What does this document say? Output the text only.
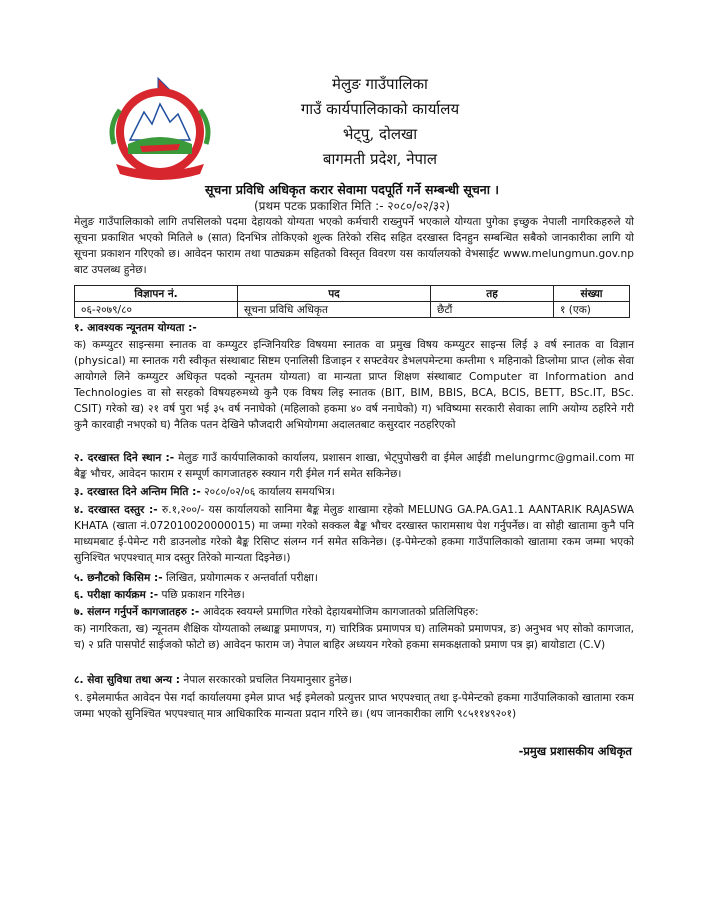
मेलुङ गाउँपालिका
गाउँ कार्यपालिकाको कार्यालय
भेट्पु, दोलखा
बागमती प्रदेश, नेपाल
सूचना प्रविधि अधिकृत करार सेवामा पदपूर्ति गर्ने सम्बन्धी सूचना ।
(प्रथम पटक प्रकाशित मिति :- २०८०/०२/३२)

मेलुङ गाउँपालिकाको लागि तपसिलको पदमा देहायको योग्यता भएको कर्मचारी राख्नुपर्ने भएकाले योग्यता पुगेका इच्छुक नेपाली नागरिकहरुले यो सूचना प्रकाशित भएको मितिले ७ (सात) दिनभित्र तोकिएको शुल्क तिरेको रसिद सहित दरखास्त दिनहुन सम्बन्धित सबैको जानकारीका लागि यो सूचना प्रकाशन गरिएको छ। आवेदन फाराम तथा पाठ्यक्रम सहितको विस्तृत विवरण यस कार्यालयको वेभसाईट www.melungmun.gov.np बाट उपलब्ध हुनेछ।

विज्ञापन नं.	पद	तह	संख्या
०६-२०७९/८०	सूचना प्रविधि अधिकृत	छैटौं	१ (एक)
१. आवश्यक न्यूनतम योग्यता :-

क) कम्प्युटर साइन्समा स्नातक वा कम्प्युटर इन्जिनियरिङ विषयमा स्नातक वा प्रमुख विषय कम्प्युटर साइन्स लिई ३ वर्ष स्नातक वा विज्ञान (physical) मा स्नातक गरी स्वीकृत संस्थाबाट सिष्टम एनालिसी डिजाइन र सफ्टवेयर डेभलपमेन्टमा कम्तीमा ९ महिनाको डिप्लोमा प्राप्त (लोक सेवा आयोगले लिने कम्प्युटर अधिकृत पदको न्यूनतम योग्यता) वा मान्यता प्राप्त शिक्षण संस्थाबाट Computer वा Information and Technologies वा सो सरहको विषयहरुमध्ये कुनै एक विषय लिइ स्नातक (BIT, BIM, BBIS, BCA, BCIS, BETT, BSc.IT, BSc. CSIT) गरेको ख) २१ वर्ष पुरा भई ३५ वर्ष ननाघेको (महिलाको हकमा ४० वर्ष ननाघेको) ग) भविष्यमा सरकारी सेवाका लागि अयोग्य ठहरिने गरी कुनै कारवाही नभएको घ) नैतिक पतन देखिने फौजदारी अभियोगमा अदालतबाट कसुरदार नठहरिएको

२. दरखास्त दिने स्थान :- मेलुङ गाउँ कार्यपालिकाको कार्यालय, प्रशासन शाखा, भेट्पुपोखरी वा ईमेल आईडी melungrmc@gmail.com मा बैङ्क भौचर, आवेदन फाराम र सम्पूर्ण कागजातहरु स्क्यान गरी ईमेल गर्न समेत सकिनेछ।
३. दरखास्त दिने अन्तिम मिति :- २०८०/०२/०६ कार्यालय समयभित्र।
४. दरखास्त दस्तुर :- रु.१,२००/- यस कार्यालयको सानिमा बैङ्क मेलुङ शाखामा रहेको MELUNG GA.PA.GA1.1 AANTARIK RAJASWA KHATA (खाता नं.072010020000015) मा जम्मा गरेको सक्कल बैङ्क भौचर दरखास्त फारामसाथ पेश गर्नुपर्नेछ। वा सोही खातामा कुनै पनि माध्यमबाट ई-पेमेन्ट गरी डाउनलोड गरेको बैङ्क रिसिप्ट संलग्न गर्न समेत सकिनेछ। (इ-पेमेन्टको हकमा गाउँपालिकाको खातामा रकम जम्मा भएको सुनिश्चित भएपश्चात् मात्र दस्तुर तिरेको मान्यता दिइनेछ।)
५. छनौटको किसिम :- लिखित, प्रयोगात्मक र अन्तर्वार्ता परीक्षा।
६. परीक्षा कार्यक्रम :- पछि प्रकाशन गरिनेछ।
७. संलग्न गर्नुपर्ने कागजातहरु :- आवेदक स्वयम्ले प्रमाणित गरेको देहायबमोजिम कागजातको प्रतिलिपिहरु:

क) नागरिकता, ख) न्यूनतम शैक्षिक योग्यताको लब्धाङ्क प्रमाणपत्र, ग) चारित्रिक प्रमाणपत्र घ) तालिमको प्रमाणपत्र, ङ) अनुभव भए सोको कागजात, च) २ प्रति पासपोर्ट साईजको फोटो छ) आवेदन फाराम ज) नेपाल बाहिर अध्ययन गरेको हकमा समकक्षताको प्रमाण पत्र झ) बायोडाटा (C.V)

८. सेवा सुविधा तथा अन्य : नेपाल सरकारको प्रचलित नियमानुसार हुनेछ।

९. इमेलमार्फत आवेदन पेस गर्दा कार्यालयमा इमेल प्राप्त भई इमेलको प्रत्युत्तर प्राप्त भएपश्चात् तथा इ-पेमेन्टको हकमा गाउँपालिकाको खातामा रकम जम्मा भएको सुनिश्चित भएपश्चात् मात्र आधिकारिक मान्यता प्रदान गरिने छ। (थप जानकारीका लागि ९८५११४९२०१)

-प्रमुख प्रशासकीय अधिकृत
